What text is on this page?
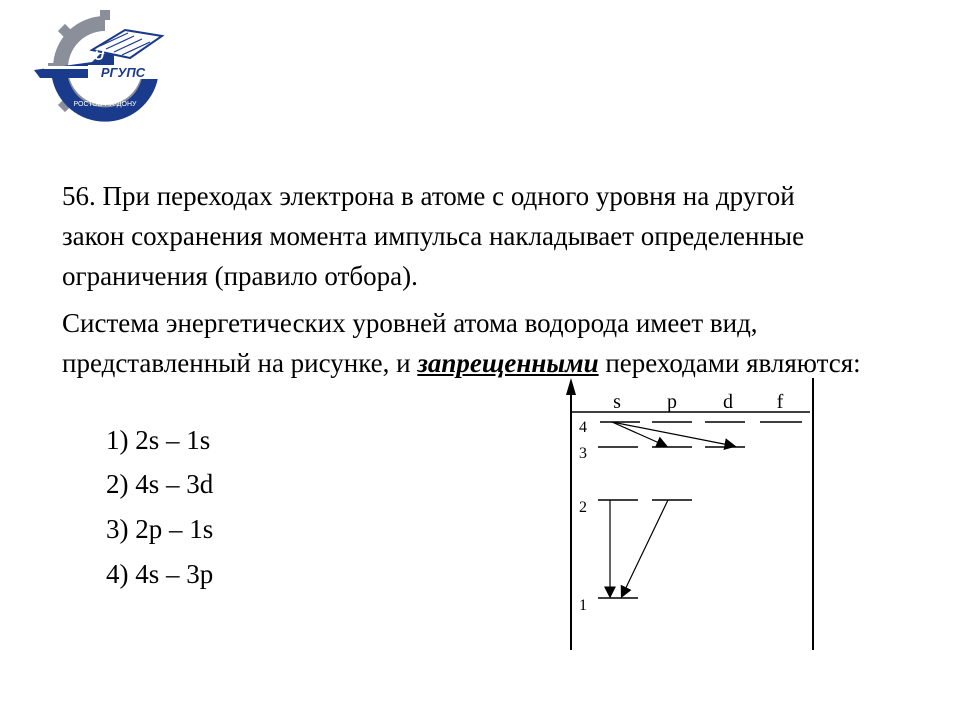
РОСТОВ-НА-ДОНУ
U
РГУПС

56. При переходах электрона в атоме с одного уровня на другой закон сохранения момента импульса накладывает определенные ограничения (правило отбора).

Система энергетических уровней атома водорода имеет вид, представленный на рисунке, и запрещенными переходами являются:

1) 2s – 1s

2) 4s – 3d

3) 2p – 1s

4) 4s – 3p

s p d f
4
3
2
1
